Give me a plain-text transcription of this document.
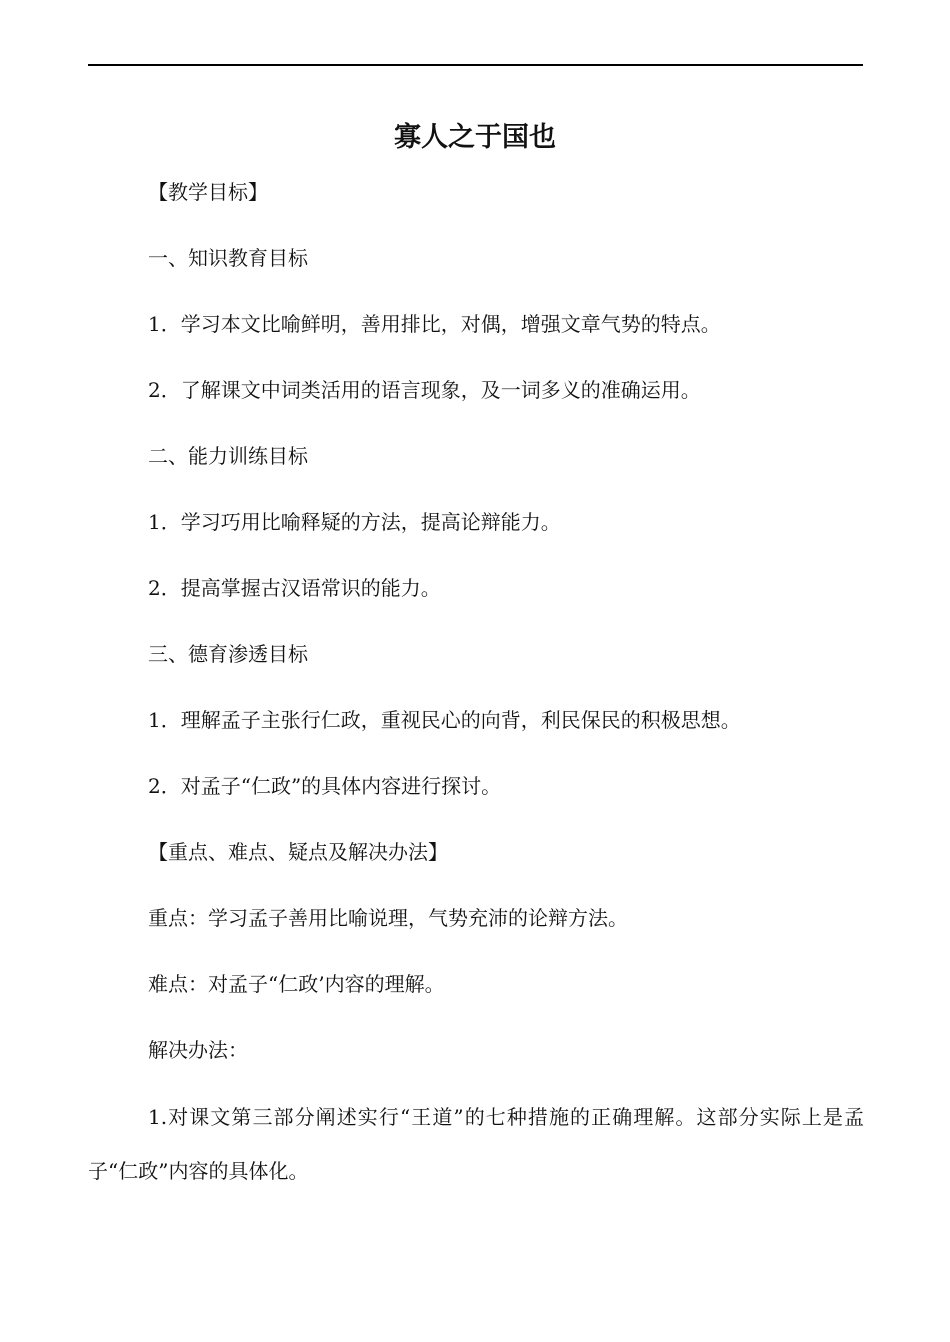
寡人之于国也

【教学目标】

一、知识教育目标

1．学习本文比喻鲜明，善用排比，对偶，增强文章气势的特点。

2．了解课文中词类活用的语言现象，及一词多义的准确运用。

二、能力训练目标

1．学习巧用比喻释疑的方法，提高论辩能力。

2．提高掌握古汉语常识的能力。

三、德育渗透目标

1．理解孟子主张行仁政，重视民心的向背，利民保民的积极思想。

2．对孟子“仁政”的具体内容进行探讨。

【重点、难点、疑点及解决办法】

重点：学习孟子善用比喻说理，气势充沛的论辩方法。

难点：对孟子“仁政’内容的理解。

解决办法：

1.对课文第三部分阐述实行“王道”的七种措施的正确理解。这部分实际上是孟子“仁政”内容的具体化。
